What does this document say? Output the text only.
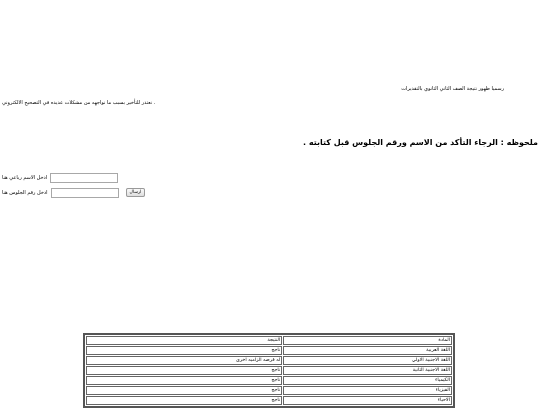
رسميا ظهور نتيجة الصف الثاني الثانوي بالتقديرات
. نعتذر للتأخير بسبب ما نواجهه من مشكلات عديده في التصحيح الالكتروني
ملحوظه : الرجاء التأكد من الاسم ورقم الجلوس قبل كتابته .
ادخل الاسم رباعي هنا
ادخل رقم الجلوس هنا	ارسال
المادة	النتيجة
اللغة العربية	ناجح
اللغة الاجنبية الاولي	له فرصه الزاميه اخرى
اللغة الاجنبية الثانية	ناجح
الكيمياء	ناجح
الفيزياء	ناجح
الاحياء	ناجح
